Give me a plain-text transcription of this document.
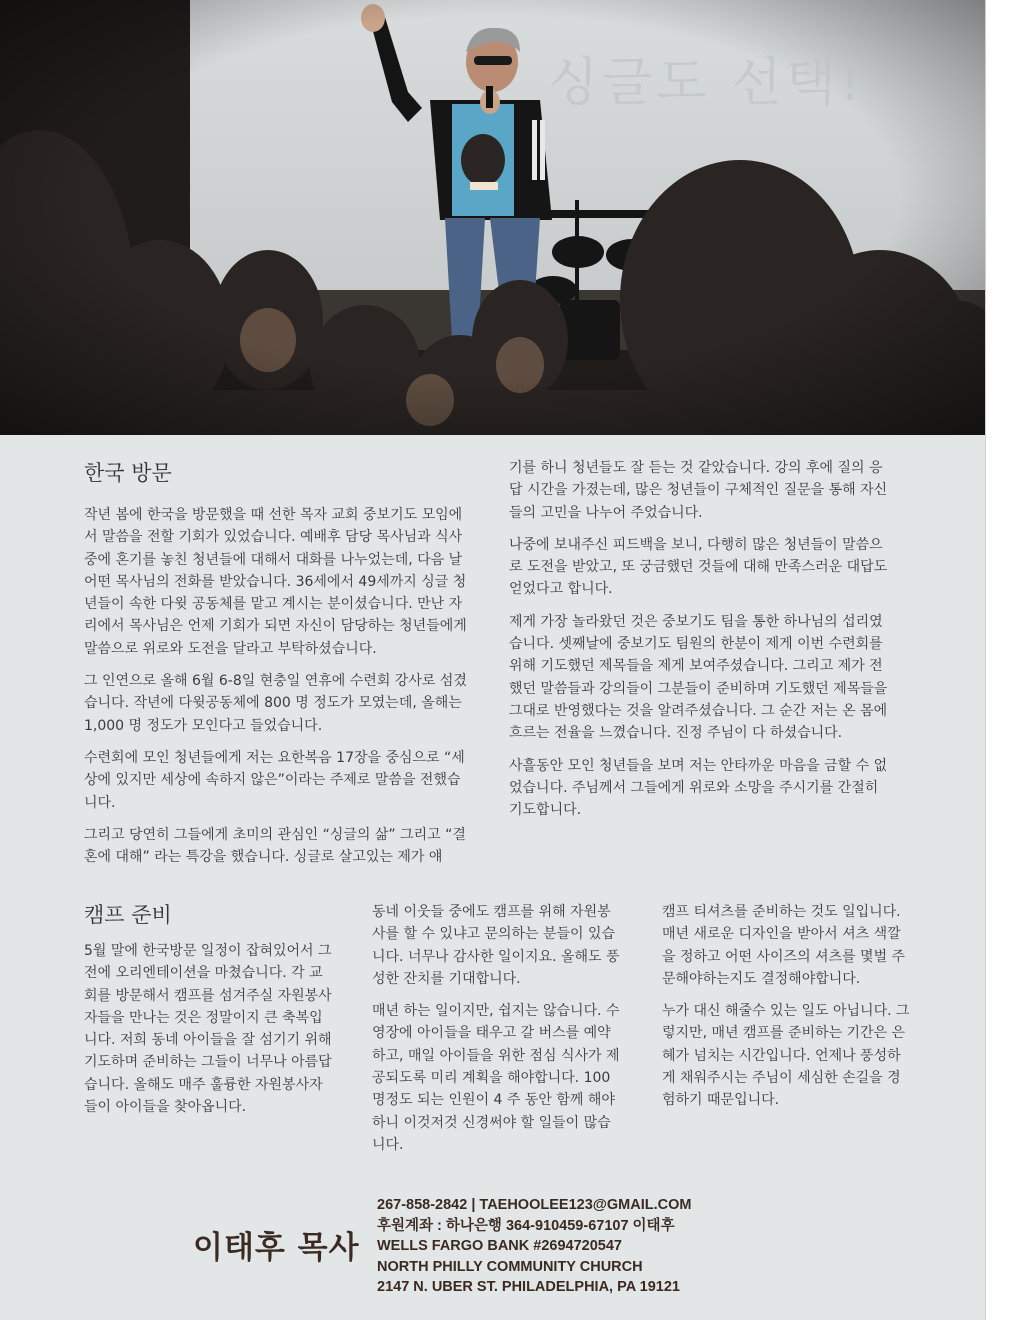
싱글도 선택!
한국 방문

작년 봄에 한국을 방문했을 때 선한 목자 교회 중보기도 모임에서 말씀을 전할 기회가 있었습니다. 예배후 담당 목사님과 식사 중에 혼기를 놓친 청년들에 대해서 대화를 나누었는데, 다음 날 어떤 목사님의 전화를 받았습니다. 36세에서 49세까지 싱글 청년들이 속한 다윗 공동체를 맡고 계시는 분이셨습니다. 만난 자리에서 목사님은 언제 기회가 되면 자신이 담당하는 청년들에게 말씀으로 위로와 도전을 달라고 부탁하셨습니다.

그 인연으로 올해 6월 6-8일 현충일 연휴에 수련회 강사로 섬겼습니다. 작년에 다윗공동체에 800 명 정도가 모였는데, 올해는 1,000 명 정도가 모인다고 들었습니다.

수련회에 모인 청년들에게 저는 요한복음 17장을 중심으로 “세상에 있지만 세상에 속하지 않은”이라는 주제로 말씀을 전했습니다.

그리고 당연히 그들에게 초미의 관심인 “싱글의 삶” 그리고 “결혼에 대해” 라는 특강을 했습니다. 싱글로 살고있는 제가 얘

기를 하니 청년들도 잘 듣는 것 같았습니다. 강의 후에 질의 응답 시간을 가졌는데, 많은 청년들이 구체적인 질문을 통해 자신들의 고민을 나누어 주었습니다.

나중에 보내주신 피드백을 보니, 다행히 많은 청년들이 말씀으로 도전을 받았고, 또 궁금했던 것들에 대해 만족스러운 대답도 얻었다고 합니다.

제게 가장 놀라왔던 것은 중보기도 팀을 통한 하나님의 섭리였습니다. 셋째날에 중보기도 팀원의 한분이 제게 이번 수련회를 위해 기도했던 제목들을 제게 보여주셨습니다. 그리고 제가 전했던 말씀들과 강의들이 그분들이 준비하며 기도했던 제목들을 그대로 반영했다는 것을 알려주셨습니다. 그 순간 저는 온 몸에 흐르는 전율을 느꼈습니다. 진정 주님이 다 하셨습니다.

사흘동안 모인 청년들을 보며 저는 안타까운 마음을 금할 수 없었습니다. 주님께서 그들에게 위로와 소망을 주시기를 간절히 기도합니다.

캠프 준비

5월 말에 한국방문 일정이 잡혀있어서 그 전에 오리엔테이션을 마쳤습니다. 각 교회를 방문해서 캠프를 섬겨주실 자원봉사자들을 만나는 것은 정말이지 큰 축복입니다. 저희 동네 아이들을 잘 섬기기 위해 기도하며 준비하는 그들이 너무나 아름답습니다. 올해도 매주 훌륭한 자원봉사자들이 아이들을 찾아옵니다.

동네 이웃들 중에도 캠프를 위해 자원봉사를 할 수 있냐고 문의하는 분들이 있습니다. 너무나 감사한 일이지요. 올해도 풍성한 잔치를 기대합니다.

매년 하는 일이지만, 쉽지는 않습니다. 수영장에 아이들을 태우고 갈 버스를 예약하고, 매일 아이들을 위한 점심 식사가 제공되도록 미리 계획을 해야합니다. 100 명정도 되는 인원이 4 주 동안 함께 해야하니 이것저것 신경써야 할 일들이 많습니다.

캠프 티셔츠를 준비하는 것도 일입니다. 매년 새로운 디자인을 받아서 셔츠 색깔을 정하고 어떤 사이즈의 셔츠를 몇벌 주문해야하는지도 결정해야합니다.

누가 대신 해줄수 있는 일도 아닙니다. 그렇지만, 매년 캠프를 준비하는 기간은 은혜가 넘치는 시간입니다. 언제나 풍성하게 채워주시는 주님이 세심한 손길을 경험하기 때문입니다.

이태후 목사
267-858-2842 | TAEHOOLEE123@GMAIL.COM
후원계좌 : 하나은행 364-910459-67107 이태후
WELLS FARGO BANK #2694720547
NORTH PHILLY COMMUNITY CHURCH
2147 N. UBER ST. PHILADELPHIA, PA 19121
